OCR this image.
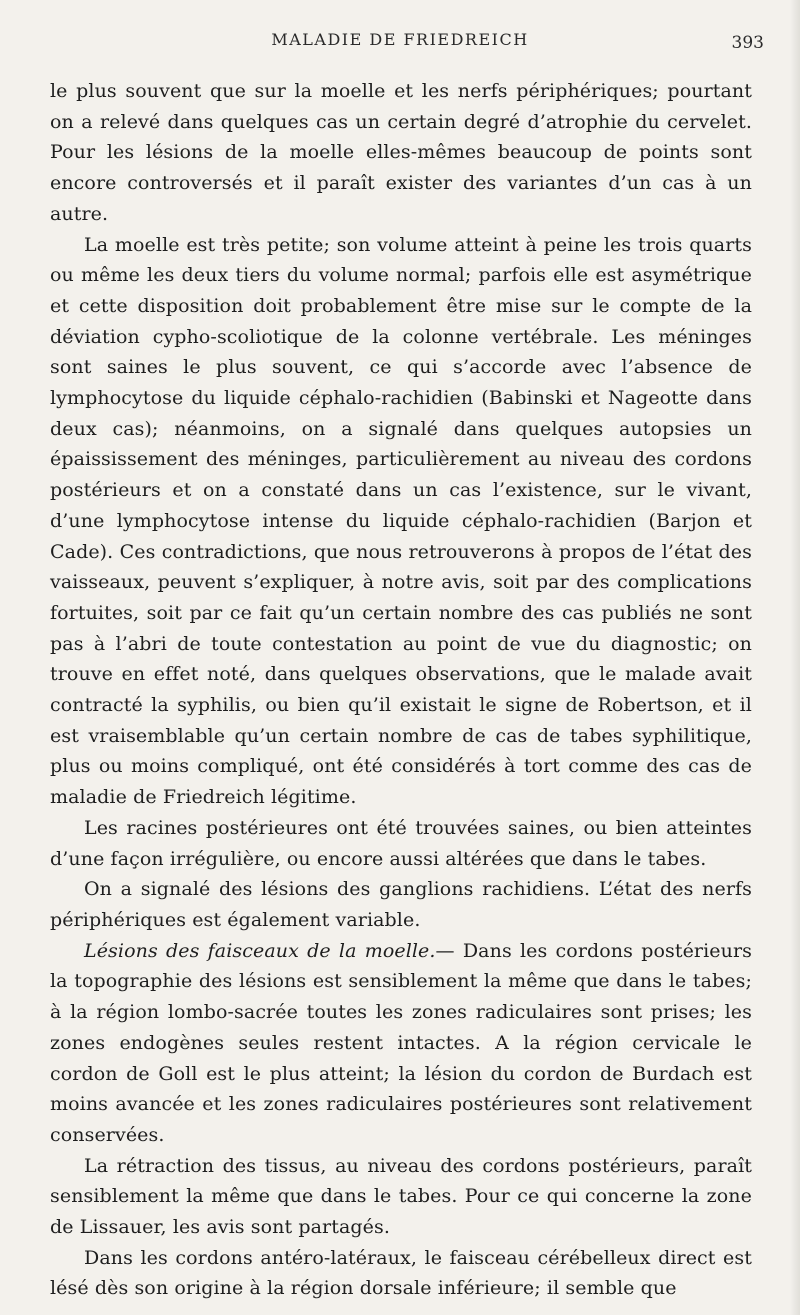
MALADIE DE FRIEDREICH	393

le plus souvent que sur la moelle et les nerfs périphériques; pourtant on a relevé dans quelques cas un certain degré d’atrophie du cervelet. Pour les lésions de la moelle elles-mêmes beaucoup de points sont encore controversés et il paraît exister des variantes d’un cas à un autre.

La moelle est très petite; son volume atteint à peine les trois quarts ou même les deux tiers du volume normal; parfois elle est asymétrique et cette disposition doit probablement être mise sur le compte de la déviation cypho-scoliotique de la colonne vertébrale. Les méninges sont saines le plus souvent, ce qui s’accorde avec l’absence de lymphocytose du liquide céphalo-rachidien (Babinski et Nageotte dans deux cas); néanmoins, on a signalé dans quelques autopsies un épaississement des méninges, particulièrement au niveau des cordons postérieurs et on a constaté dans un cas l’existence, sur le vivant, d’une lymphocytose intense du liquide céphalo-rachidien (Barjon et Cade). Ces contradictions, que nous retrouverons à propos de l’état des vaisseaux, peuvent s’expliquer, à notre avis, soit par des complications fortuites, soit par ce fait qu’un certain nombre des cas publiés ne sont pas à l’abri de toute contestation au point de vue du diagnostic; on trouve en effet noté, dans quelques observations, que le malade avait contracté la syphilis, ou bien qu’il existait le signe de Robertson, et il est vraisemblable qu’un certain nombre de cas de tabes syphilitique, plus ou moins compliqué, ont été considérés à tort comme des cas de maladie de Friedreich légitime.

Les racines postérieures ont été trouvées saines, ou bien atteintes d’une façon irrégulière, ou encore aussi altérées que dans le tabes.

On a signalé des lésions des ganglions rachidiens. L’état des nerfs périphériques est également variable.

Lésions des faisceaux de la moelle.— Dans les cordons postérieurs la topographie des lésions est sensiblement la même que dans le tabes; à la région lombo-sacrée toutes les zones radiculaires sont prises; les zones endogènes seules restent intactes. A la région cervicale le cordon de Goll est le plus atteint; la lésion du cordon de Burdach est moins avancée et les zones radiculaires postérieures sont relativement conservées.

La rétraction des tissus, au niveau des cordons postérieurs, paraît sensiblement la même que dans le tabes. Pour ce qui concerne la zone de Lissauer, les avis sont partagés.

Dans les cordons antéro-latéraux, le faisceau cérébelleux direct est lésé dès son origine à la région dorsale inférieure; il semble que
